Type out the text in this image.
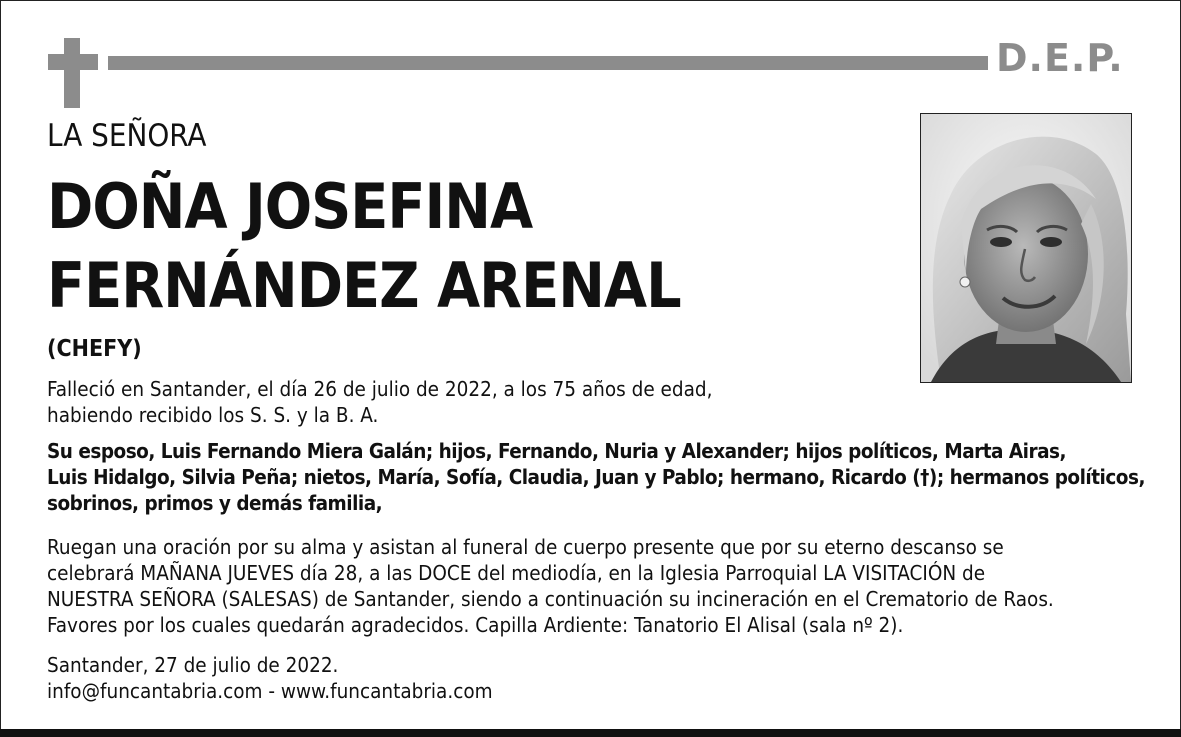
D.E.P.
LA SEÑORA
DOÑA JOSEFINA
FERNÁNDEZ ARENAL
(CHEFY)
Falleció en Santander, el día 26 de julio de 2022, a los 75 años de edad,
habiendo recibido los S. S. y la B. A.
Su esposo, Luis Fernando Miera Galán; hijos, Fernando, Nuria y Alexander; hijos políticos, Marta Airas,
Luis Hidalgo, Silvia Peña; nietos, María, Sofía, Claudia, Juan y Pablo; hermano, Ricardo (†); hermanos políticos,
sobrinos, primos y demás familia,
Ruegan una oración por su alma y asistan al funeral de cuerpo presente que por su eterno descanso se
celebrará MAÑANA JUEVES día 28, a las DOCE del mediodía, en la Iglesia Parroquial LA VISITACIÓN de
NUESTRA SEÑORA (SALESAS) de Santander, siendo a continuación su incineración en el Crematorio de Raos.
Favores por los cuales quedarán agradecidos. Capilla Ardiente: Tanatorio El Alisal (sala nº 2).
Santander, 27 de julio de 2022.
info@funcantabria.com - www.funcantabria.com
